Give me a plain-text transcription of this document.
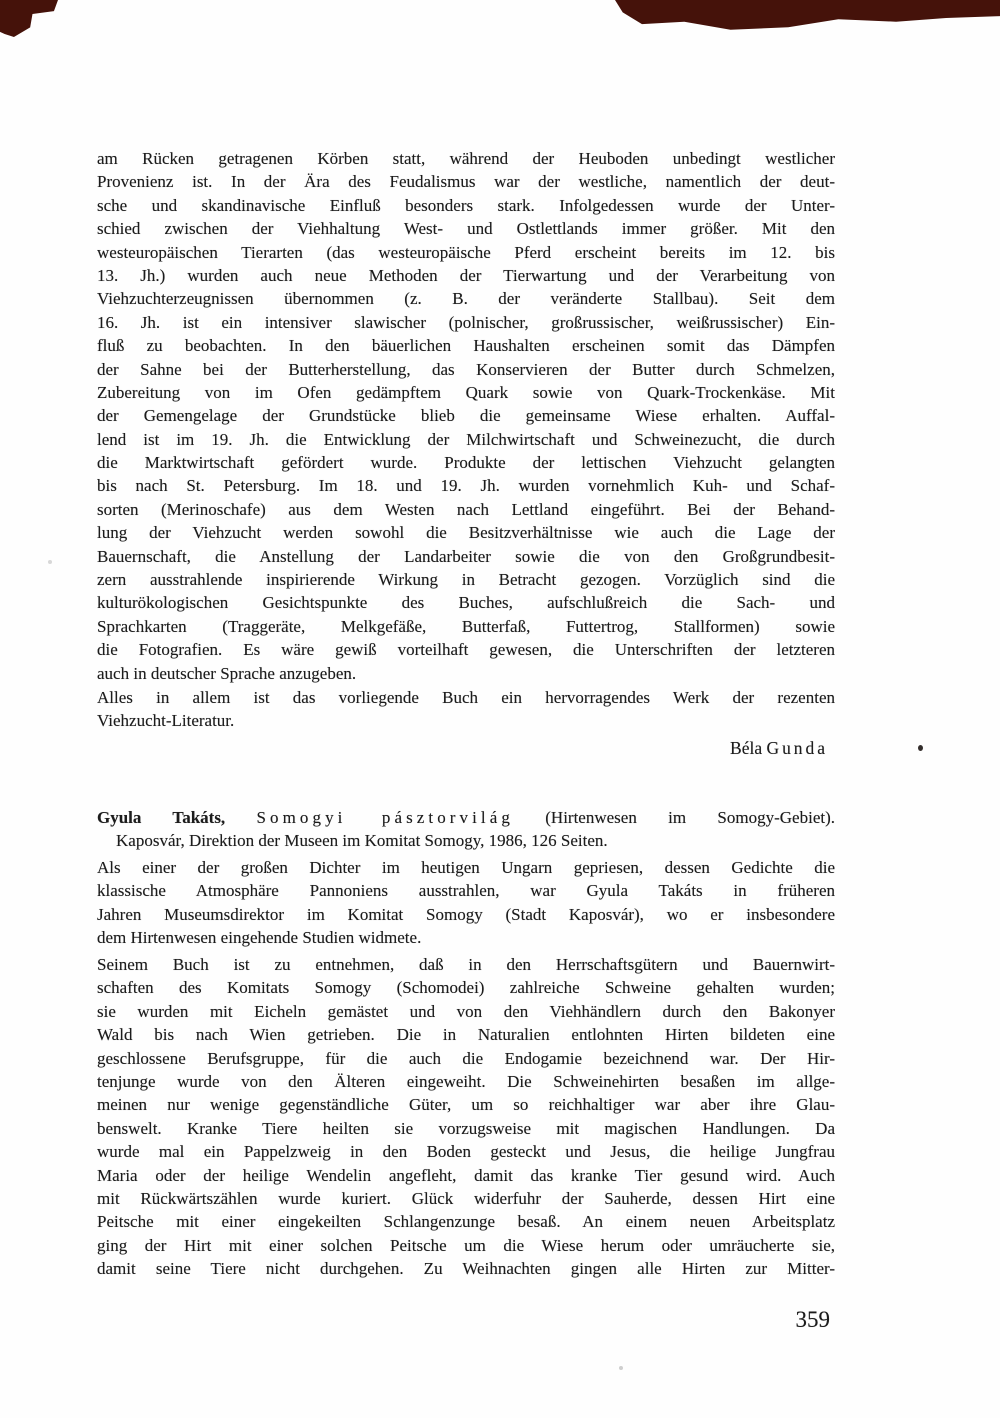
am Rücken getragenen Körben statt, während der Heuboden unbedingt westlicher
Provenienz ist. In der Ära des Feudalismus war der westliche, namentlich der deut-
sche und skandinavische Einfluß besonders stark. Infolgedessen wurde der Unter-
schied zwischen der Viehhaltung West- und Ostlettlands immer größer. Mit den
westeuropäischen Tierarten (das westeuropäische Pferd erscheint bereits im 12. bis
13. Jh.) wurden auch neue Methoden der Tierwartung und der Verarbeitung von
Viehzuchterzeugnissen übernommen (z. B. der veränderte Stallbau). Seit dem
16. Jh. ist ein intensiver slawischer (polnischer, großrussischer, weißrussischer) Ein-
fluß zu beobachten. In den bäuerlichen Haushalten erscheinen somit das Dämpfen
der Sahne bei der Butterherstellung, das Konservieren der Butter durch Schmelzen,
Zubereitung von im Ofen gedämpftem Quark sowie von Quark-Trockenkäse. Mit
der Gemengelage der Grundstücke blieb die gemeinsame Wiese erhalten. Auffal-
lend ist im 19. Jh. die Entwicklung der Milchwirtschaft und Schweinezucht, die durch
die Marktwirtschaft gefördert wurde. Produkte der lettischen Viehzucht gelangten
bis nach St. Petersburg. Im 18. und 19. Jh. wurden vornehmlich Kuh- und Schaf-
sorten (Merinoschafe) aus dem Westen nach Lettland eingeführt. Bei der Behand-
lung der Viehzucht werden sowohl die Besitzverhältnisse wie auch die Lage der
Bauernschaft, die Anstellung der Landarbeiter sowie die von den Großgrundbesit-
zern ausstrahlende inspirierende Wirkung in Betracht gezogen. Vorzüglich sind die
kulturökologischen Gesichtspunkte des Buches, aufschlußreich die Sach- und
Sprachkarten (Traggeräte, Melkgefäße, Butterfaß, Futtertrog, Stallformen) sowie
die Fotografien. Es wäre gewiß vorteilhaft gewesen, die Unterschriften der letzteren
auch in deutscher Sprache anzugeben.
Alles in allem ist das vorliegende Buch ein hervorragendes Werk der rezenten
Viehzucht-Literatur.
Béla Gunda
Gyula Takáts, Somogyi pásztorvilág (Hirtenwesen im Somogy-Gebiet).
Kaposvár, Direktion der Museen im Komitat Somogy, 1986, 126 Seiten.
Als einer der großen Dichter im heutigen Ungarn gepriesen, dessen Gedichte die
klassische Atmosphäre Pannoniens ausstrahlen, war Gyula Takáts in früheren
Jahren Museumsdirektor im Komitat Somogy (Stadt Kaposvár), wo er insbesondere
dem Hirtenwesen eingehende Studien widmete.
Seinem Buch ist zu entnehmen, daß in den Herrschaftsgütern und Bauernwirt-
schaften des Komitats Somogy (Schomodei) zahlreiche Schweine gehalten wurden;
sie wurden mit Eicheln gemästet und von den Viehhändlern durch den Bakonyer
Wald bis nach Wien getrieben. Die in Naturalien entlohnten Hirten bildeten eine
geschlossene Berufsgruppe, für die auch die Endogamie bezeichnend war. Der Hir-
tenjunge wurde von den Älteren eingeweiht. Die Schweinehirten besaßen im allge-
meinen nur wenige gegenständliche Güter, um so reichhaltiger war aber ihre Glau-
benswelt. Kranke Tiere heilten sie vorzugsweise mit magischen Handlungen. Da
wurde mal ein Pappelzweig in den Boden gesteckt und Jesus, die heilige Jungfrau
Maria oder der heilige Wendelin angefleht, damit das kranke Tier gesund wird. Auch
mit Rückwärtszählen wurde kuriert. Glück widerfuhr der Sauherde, dessen Hirt eine
Peitsche mit einer eingekeilten Schlangenzunge besaß. An einem neuen Arbeitsplatz
ging der Hirt mit einer solchen Peitsche um die Wiese herum oder umräucherte sie,
damit seine Tiere nicht durchgehen. Zu Weihnachten gingen alle Hirten zur Mitter-
359
